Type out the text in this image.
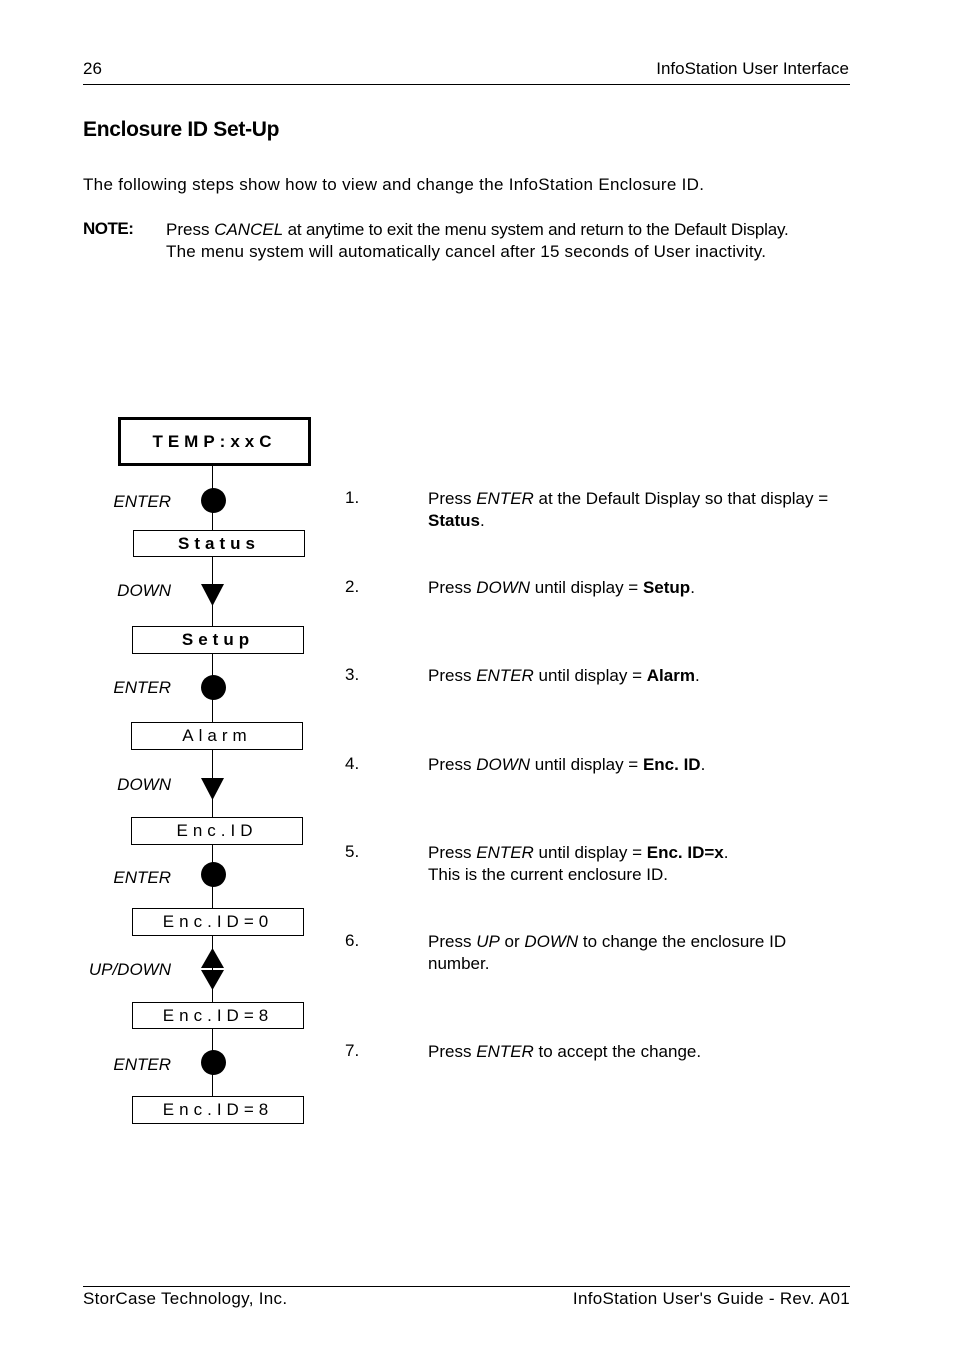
26	InfoStation User Interface
Enclosure ID Set-Up
The following steps show how to view and change the InfoStation Enclosure ID.
NOTE: Press CANCEL at anytime to exit the menu system and return to the Default Display.
The menu system will automatically cancel after 15 seconds of User inactivity.
TEMP:xxC
Status
Setup
Alarm
Enc.ID
Enc.ID=0
Enc.ID=8
Enc.ID=8
ENTER
DOWN
ENTER
DOWN
ENTER
UP/DOWN
ENTER
1.	Press ENTER at the Default Display so that display = Status.
2.	Press DOWN until display = Setup.
3.	Press ENTER until display = Alarm.
4.	Press DOWN until display = Enc. ID.
5.	Press ENTER until display = Enc. ID=x.
This is the current enclosure ID.
6.	Press UP or DOWN to change the enclosure ID number.
7.	Press ENTER to accept the change.
StorCase Technology, Inc.	InfoStation User's Guide - Rev. A01
